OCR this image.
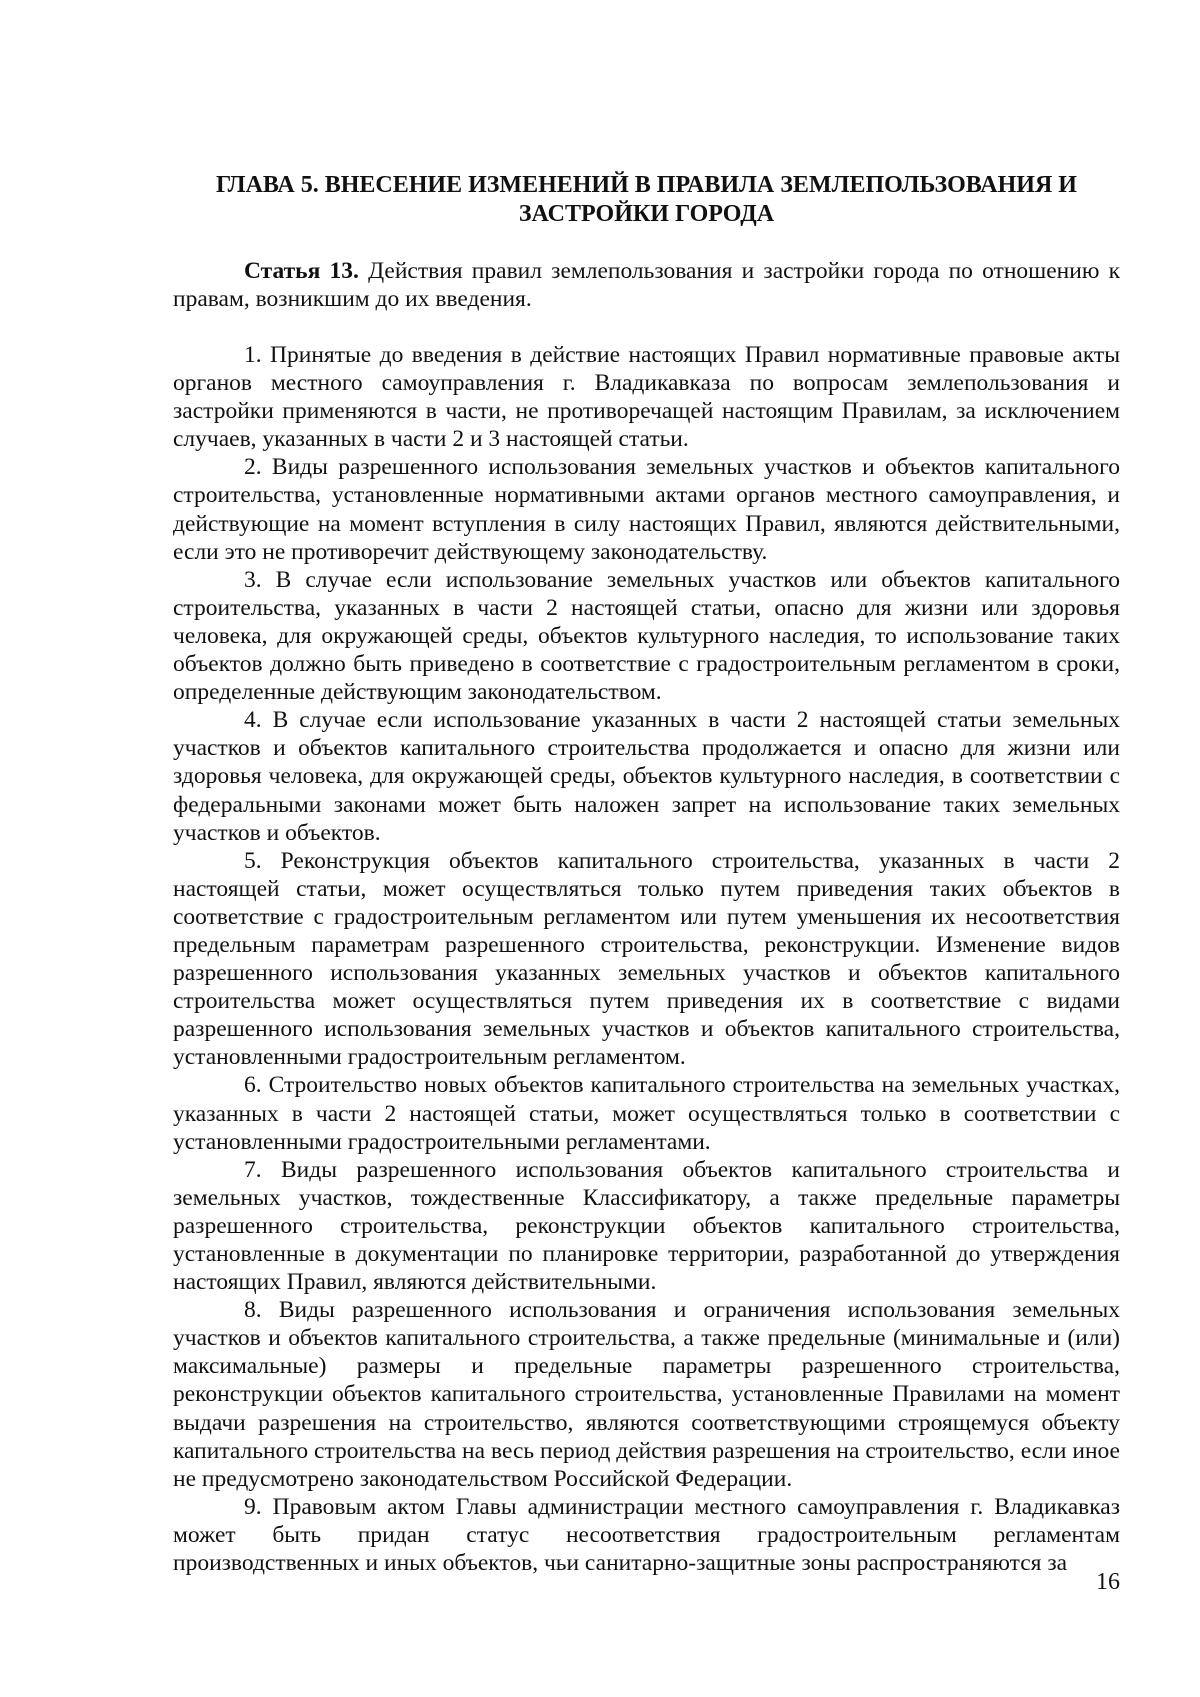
ГЛАВА 5. ВНЕСЕНИЕ ИЗМЕНЕНИЙ В ПРАВИЛА ЗЕМЛЕПОЛЬЗОВАНИЯ И
ЗАСТРОЙКИ ГОРОДА

Статья 13. Действия правил землепользования и застройки города по отношению к правам, возникшим до их введения.

1. Принятые до введения в действие настоящих Правил нормативные правовые акты органов местного самоуправления г. Владикавказа по вопросам землепользования и застройки применяются в части, не противоречащей настоящим Правилам, за исключением случаев, указанных в части 2 и 3 настоящей статьи.

2. Виды разрешенного использования земельных участков и объектов капитального строительства, установленные нормативными актами органов местного самоуправления, и действующие на момент вступления в силу настоящих Правил, являются действительными, если это не противоречит действующему законодательству.

3. В случае если использование земельных участков или объектов капитального строительства, указанных в части 2 настоящей статьи, опасно для жизни или здоровья человека, для окружающей среды, объектов культурного наследия, то использование таких объектов должно быть приведено в соответствие с градостроительным регламентом в сроки, определенные действующим законодательством.

4. В случае если использование указанных в части 2 настоящей статьи земельных участков и объектов капитального строительства продолжается и опасно для жизни или здоровья человека, для окружающей среды, объектов культурного наследия, в соответствии с федеральными законами может быть наложен запрет на использование таких земельных участков и объектов.

5. Реконструкция объектов капитального строительства, указанных в части 2 настоящей статьи, может осуществляться только путем приведения таких объектов в соответствие с градостроительным регламентом или путем уменьшения их несоответствия предельным параметрам разрешенного строительства, реконструкции. Изменение видов разрешенного использования указанных земельных участков и объектов капитального строительства может осуществляться путем приведения их в соответствие с видами разрешенного использования земельных участков и объектов капитального строительства, установленными градостроительным регламентом.

6. Строительство новых объектов капитального строительства на земельных участках, указанных в части 2 настоящей статьи, может осуществляться только в соответствии с установленными градостроительными регламентами.

7. Виды разрешенного использования объектов капитального строительства и земельных участков, тождественные Классификатору, а также предельные параметры разрешенного строительства, реконструкции объектов капитального строительства, установленные в документации по планировке территории, разработанной до утверждения настоящих Правил, являются действительными.

8. Виды разрешенного использования и ограничения использования земельных участков и объектов капитального строительства, а также предельные (минимальные и (или) максимальные) размеры и предельные параметры разрешенного строительства, реконструкции объектов капитального строительства, установленные Правилами на момент выдачи разрешения на строительство, являются соответствующими строящемуся объекту капитального строительства на весь период действия разрешения на строительство, если иное не предусмотрено законодательством Российской Федерации.

9. Правовым актом Главы администрации местного самоуправления г. Владикавказ может быть придан статус несоответствия градостроительным регламентам производственных и иных объектов, чьи санитарно-защитные зоны распространяются за

16
